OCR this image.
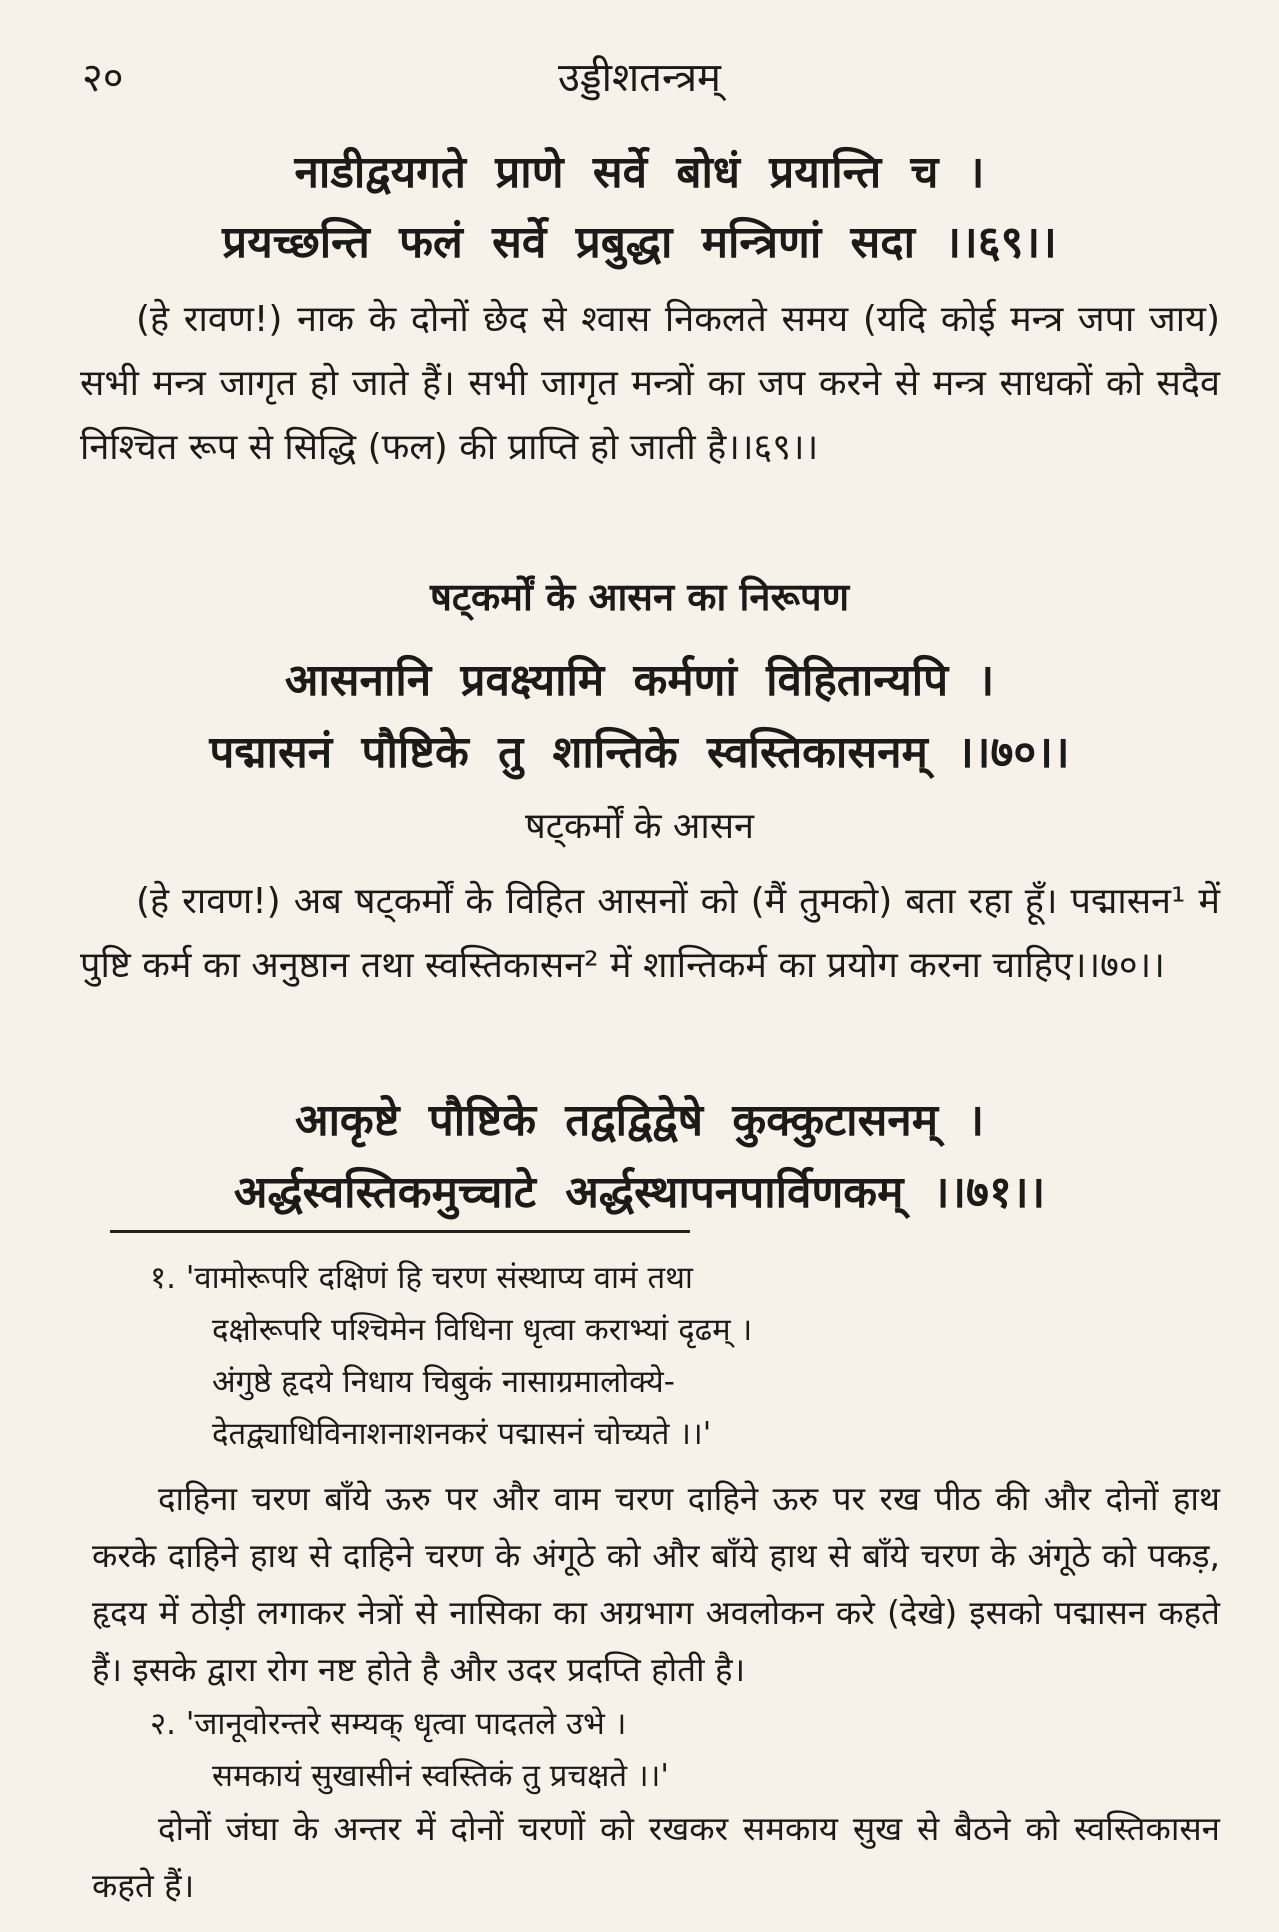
२०	उड्डीशतन्त्रम्
नाडीद्वयगते प्राणे सर्वे बोधं प्रयान्ति च ।
प्रयच्छन्ति फलं सर्वे प्रबुद्धा मन्त्रिणां सदा ।।६९।।
(हे रावण!) नाक के दोनों छेद से श्वास निकलते समय (यदि कोई मन्त्र जपा जाय) सभी मन्त्र जागृत हो जाते हैं। सभी जागृत मन्त्रों का जप करने से मन्त्र साधकों को सदैव निश्चित रूप से सिद्धि (फल) की प्राप्ति हो जाती है।।६९।।
षट्कर्मों के आसन का निरूपण
आसनानि प्रवक्ष्यामि कर्मणां विहितान्यपि ।
पद्मासनं पौष्टिके तु शान्तिके स्वस्तिकासनम् ।।७०।।
षट्कर्मों के आसन
(हे रावण!) अब षट्कर्मों के विहित आसनों को (मैं तुमको) बता रहा हूँ। पद्मासन¹ में पुष्टि कर्म का अनुष्ठान तथा स्वस्तिकासन² में शान्तिकर्म का प्रयोग करना चाहिए।।७०।।
आकृष्टे पौष्टिके तद्वद्विद्वेषे कुक्कुटासनम् ।
अर्द्धस्वस्तिकमुच्चाटे अर्द्धस्थापनपार्विणकम् ।।७१।।
१. 'वामोरूपरि दक्षिणं हि चरण संस्थाप्य वामं तथा
दक्षोरूपरि पश्चिमेन विधिना धृत्वा कराभ्यां दृढम् ।
अंगुष्ठे हृदये निधाय चिबुकं नासाग्रमालोक्ये-
देतद्व्याधिविनाशनाशनकरं पद्मासनं चोच्यते ।।'
दाहिना चरण बाँये ऊरु पर और वाम चरण दाहिने ऊरु पर रख पीठ की और दोनों हाथ करके दाहिने हाथ से दाहिने चरण के अंगूठे को और बाँये हाथ से बाँये चरण के अंगूठे को पकड़, हृदय में ठोड़ी लगाकर नेत्रों से नासिका का अग्रभाग अवलोकन करे (देखे) इसको पद्मासन कहते हैं। इसके द्वारा रोग नष्ट होते है और उदर प्रदप्ति होती है।
२. 'जानूवोरन्तरे सम्यक् धृत्वा पादतले उभे ।
समकायं सुखासीनं स्वस्तिकं तु प्रचक्षते ।।'
दोनों जंघा के अन्तर में दोनों चरणों को रखकर समकाय सुख से बैठने को स्वस्तिकासन कहते हैं।
